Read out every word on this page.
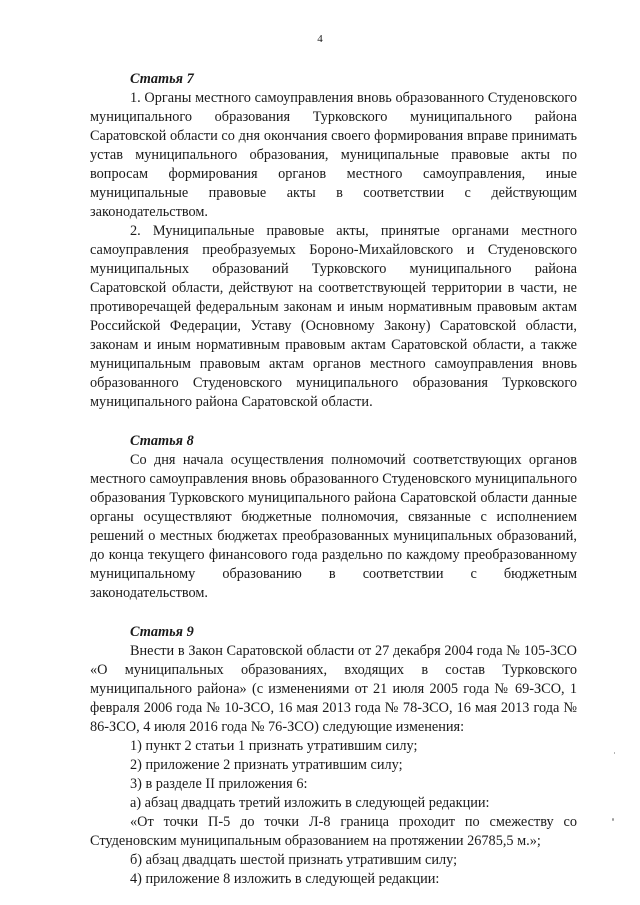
4

Статья 7

1. Органы местного самоуправления вновь образованного Студеновского муниципального образования Турковского муниципального района Саратовской области со дня окончания своего формирования вправе принимать устав муниципального образования, муниципальные правовые акты по вопросам формирования органов местного самоуправления, иные муниципальные правовые акты в соответствии с действующим законодательством.

2. Муниципальные правовые акты, принятые органами местного самоуправления преобразуемых Бороно-Михайловского и Студеновского муниципальных образований Турковского муниципального района Саратовской области, действуют на соответствующей территории в части, не противоречащей федеральным законам и иным нормативным правовым актам Российской Федерации, Уставу (Основному Закону) Саратовской области, законам и иным нормативным правовым актам Саратовской области, а также муниципальным правовым актам органов местного самоуправления вновь образованного Студеновского муниципального образования Турковского муниципального района Саратовской области.

Статья 8

Со дня начала осуществления полномочий соответствующих органов местного самоуправления вновь образованного Студеновского муниципального образования Турковского муниципального района Саратовской области данные органы осуществляют бюджетные полномочия, связанные с исполнением решений о местных бюджетах преобразованных муниципальных образований, до конца текущего финансового года раздельно по каждому преобразованному муниципальному образованию в соответствии с бюджетным законодательством.

Статья 9

Внести в Закон Саратовской области от 27 декабря 2004 года № 105-ЗСО «О муниципальных образованиях, входящих в состав Турковского муниципального района» (с изменениями от 21 июля 2005 года № 69-ЗСО, 1 февраля 2006 года № 10-ЗСО, 16 мая 2013 года № 78-ЗСО, 16 мая 2013 года № 86-ЗСО, 4 июля 2016 года № 76-ЗСО) следующие изменения:

1) пункт 2 статьи 1 признать утратившим силу;

2) приложение 2 признать утратившим силу;

3) в разделе II приложения 6:

а) абзац двадцать третий изложить в следующей редакции:

«От точки П-5 до точки Л-8 граница проходит по смежеству со Студеновским муниципальным образованием на протяжении 26785,5 м.»;

б) абзац двадцать шестой признать утратившим силу;

4) приложение 8 изложить в следующей редакции:
